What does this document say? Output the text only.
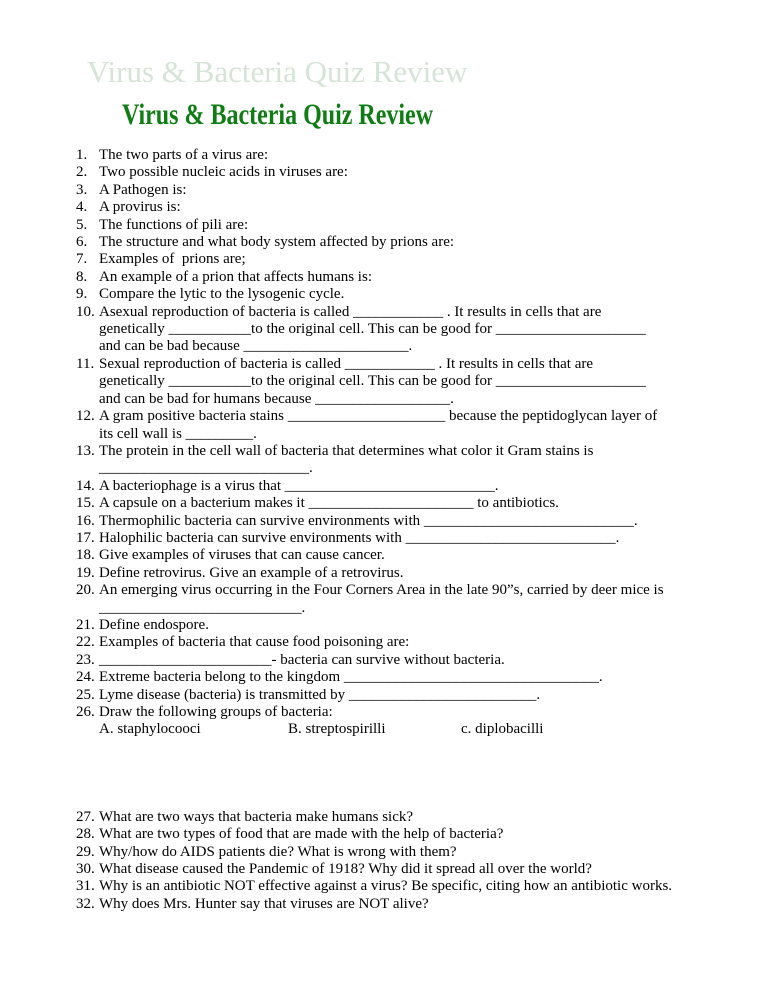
Virus & Bacteria Quiz Review
Virus & Bacteria Quiz Review
1. The two parts of a virus are:
2. Two possible nucleic acids in viruses are:
3. A Pathogen is:
4. A provirus is:
5. The functions of pili are:
6. The structure and what body system affected by prions are:
7. Examples of  prions are;
8. An example of a prion that affects humans is:
9. Compare the lytic to the lysogenic cycle.
10. Asexual reproduction of bacteria is called ____________ . It results in cells that are
genetically ___________to the original cell. This can be good for ____________________
and can be bad because ______________________.
11. Sexual reproduction of bacteria is called ____________ . It results in cells that are
genetically ___________to the original cell. This can be good for ____________________
and can be bad for humans because __________________.
12. A gram positive bacteria stains _____________________ because the peptidoglycan layer of
its cell wall is _________.
13. The protein in the cell wall of bacteria that determines what color it Gram stains is
____________________________.
14. A bacteriophage is a virus that ____________________________.
15. A capsule on a bacterium makes it ______________________ to antibiotics.
16. Thermophilic bacteria can survive environments with ____________________________.
17. Halophilic bacteria can survive environments with ____________________________.
18. Give examples of viruses that can cause cancer.
19. Define retrovirus. Give an example of a retrovirus.
20. An emerging virus occurring in the Four Corners Area in the late 90”s, carried by deer mice is
___________________________.
21. Define endospore.
22. Examples of bacteria that cause food poisoning are:
23. _______________________- bacteria can survive without bacteria.
24. Extreme bacteria belong to the kingdom __________________________________.
25. Lyme disease (bacteria) is transmitted by _________________________.
26. Draw the following groups of bacteria:
A. staphylocooci	B. streptospirilli	c. diplobacilli
27. What are two ways that bacteria make humans sick?
28. What are two types of food that are made with the help of bacteria?
29. Why/how do AIDS patients die? What is wrong with them?
30. What disease caused the Pandemic of 1918? Why did it spread all over the world?
31. Why is an antibiotic NOT effective against a virus? Be specific, citing how an antibiotic works.
32. Why does Mrs. Hunter say that viruses are NOT alive?
